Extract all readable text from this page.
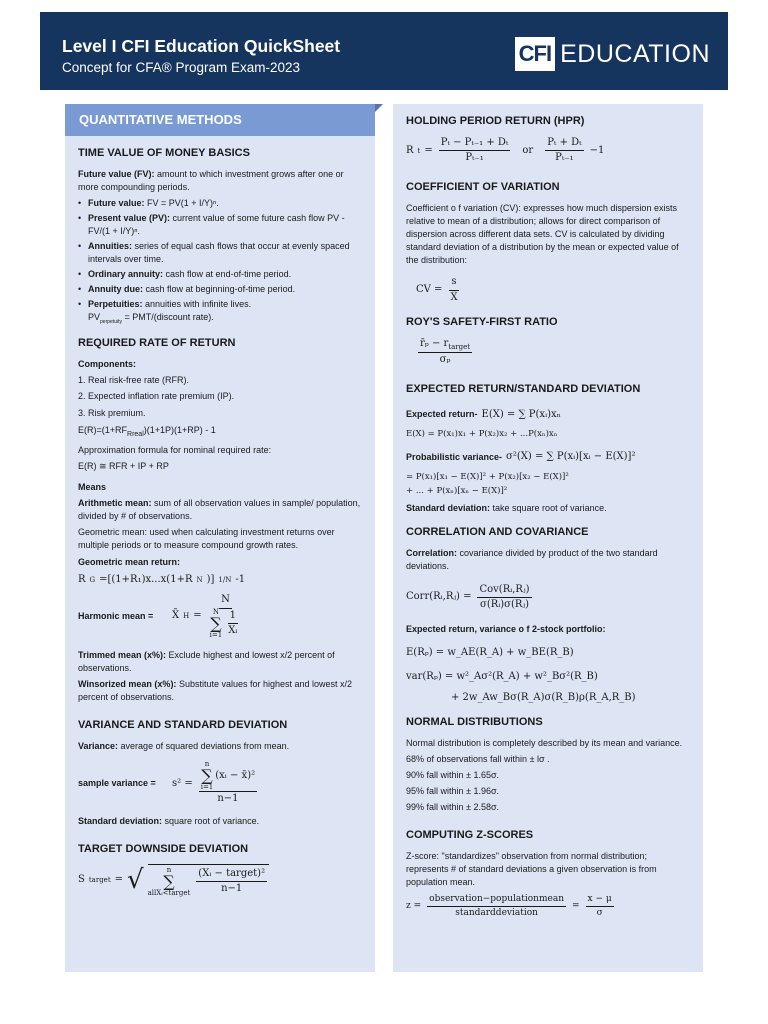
Level I CFI Education QuickSheet
Concept for CFA® Program Exam-2023
CFI EDUCATION
QUANTITATIVE METHODS
TIME VALUE OF MONEY BASICS

Future value (FV): amount to which investment grows after one or more compounding periods.

• Future value: FV = PV(1 + I/Y)ⁿ.
• Present value (PV): current value of some future cash flow PV - FV/(1 + I/Y)ⁿ.
• Annuities: series of equal cash flows that occur at evenly spaced intervals over time.
• Ordinary annuity: cash flow at end-of-time period.
• Annuity due: cash flow at beginning-of-time period.
• Perpetuities: annuities with infinite lives.
$PV_{perpetuity}$ = PMT/(discount rate).
REQUIRED RATE OF RETURN

Components:

1. Real risk-free rate (RFR).

2. Expected inflation rate premium (IP).

3. Risk premium.

$E(R)=(1+RF_{Rreal})(1+1P)(1+RP) - 1$

Approximation formula for nominal required rate:

E(R) ≅ RFR + IP + RP

Means

Arithmetic mean: sum of all observation values in sample/ population, divided by # of observations.

Geometric mean: used when calculating investment returns over multiple periods or to measure compound growth rates.

Geometric mean return:

R G =[(1+R₁)x...x(1+R N )] 1/N -1
Harmonic mean =	X̄ H =
N
N
∑
$i=1 \frac{1}{\text{Xᵢ}}$

Trimmed mean (x%): Exclude highest and lowest x/2 percent of observations.

Winsorized mean (x%): Substitute values for highest and lowest x/2 percent of observations.

VARIANCE AND STANDARD DEVIATION

Variance: average of squared deviations from mean.

sample variance =	s² = n
∑
i=1
(xᵢ − x̄)²
n−1

Standard deviation: square root of variance.

TARGET DOWNSIDE DEVIATION
S target = √	n
∑
allXᵢ<target $\frac{\text{(Xᵢ − target)²}}{n-1}$
HOLDING PERIOD RETURN (HPR)
R $t = \frac{\text{Pₜ − Pₜ₋₁ + Dₜ}}{\text{Pₜ₋₁}}$ or $\frac{\text{Pₜ + Dₜ}}{\text{Pₜ₋₁}} -1$
COEFFICIENT OF VARIATION

Coefficient o f variation (CV): expresses how much dispersion exists relative to mean of a distribution; allows for direct comparison of dispersion across different data sets. CV is calculated by dividing standard deviation of a distribution by the mean or expected value of the distribution:

CV = $\frac{s}{X̄}$
ROY'S SAFETY-FIRST RATIO
$\frac{r̄_p - r_{target}}{\text{σₚ}}$
EXPECTED RETURN/STANDARD DEVIATION
Expected return- E(X) = ∑ P(xᵢ)xₙ
E(X) = P(x₁)x₁ + P(x₂)x₂ + ...P(xₙ)xₙ
Probabilistic variance- σ²(X) = ∑ P(xᵢ)[xᵢ − E(X)]²
= P(x₁)[x₁ − E(X)]² + P(x₂)[x₂ − E(X)]²
+ ... + P(xₙ)[xₙ − E(X)]²

Standard deviation: take square root of variance.

CORRELATION AND COVARIANCE

Correlation: covariance divided by product of the two standard deviations.

Corr(Rᵢ,Rⱼ) = $\frac{\text{Cov(Rᵢ,Rⱼ)}}{\text{σ(Rᵢ)σ(Rⱼ)}}$

Expected return, variance o f 2-stock portfolio:

E(Rₚ) = w_AE(R_A) + w_BE(R_B)
var(Rₚ) = w²_Aσ²(R_A) + w²_Bσ²(R_B)
+ 2w_Aw_Bσ(R_A)σ(R_B)ρ(R_A,R_B)
NORMAL DISTRIBUTIONS

Normal distribution is completely described by its mean and variance.

68% of observations fall within ± lσ .

90% fall within ± 1.65σ.

95% fall within ± 1.96σ.

99% fall within ± 2.58σ.

COMPUTING Z-SCORES

Z-score: "standardizes" observation from normal distribution; represents # of standard deviations a given observation is from population mean.

$z = \frac{\text{observation−populationmean}}{\text{standarddeviation}} = \frac{x - \mu}{\sigma}$
